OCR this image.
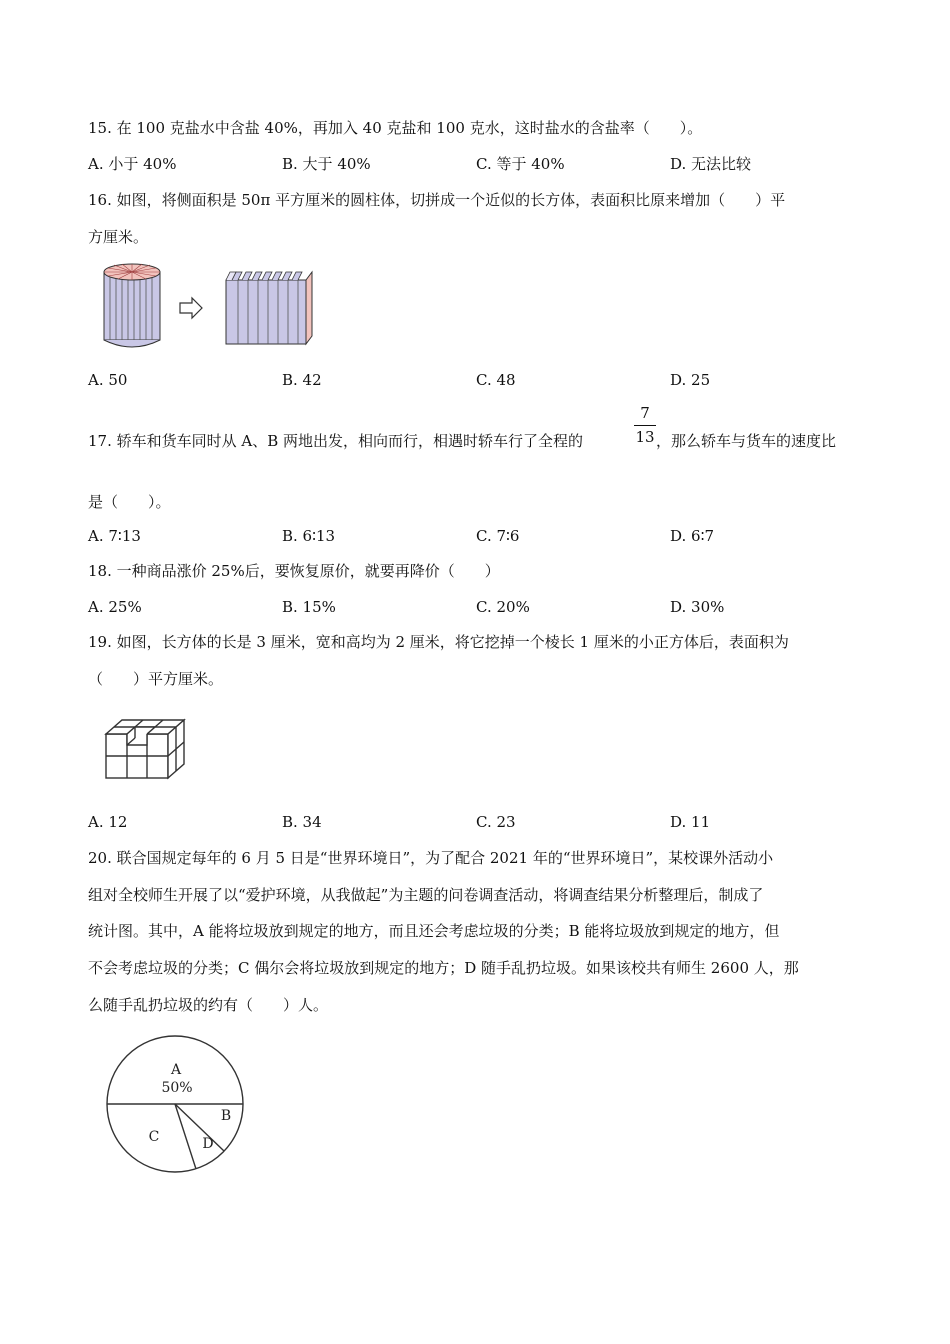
15. 在 100 克盐水中含盐 40%，再加入 40 克盐和 100 克水，这时盐水的含盐率（　　）。
A. 小于 40%	B. 大于 40%	C. 等于 40%	D. 无法比较
16. 如图，将侧面积是 50π 平方厘米的圆柱体，切拼成一个近似的长方体，表面积比原来增加（　　）平
方厘米。
A. 50	B. 42	C. 48	D. 25
17. 轿车和货车同时从 A、B 两地出发，相向而行，相遇时轿车行了全程的
7
13 ，那么轿车与货车的速度比
是（　　）。
A. 7∶13	B. 6∶13	C. 7∶6	D. 6∶7
18. 一种商品涨价 25%后，要恢复原价，就要再降价（　　）
A. 25%	B. 15%	C. 20%	D. 30%
19. 如图，长方体的长是 3 厘米，宽和高均为 2 厘米，将它挖掉一个棱长 1 厘米的小正方体后，表面积为
（　　）平方厘米。
A. 12	B. 34	C. 23	D. 11
20. 联合国规定每年的 6 月 5 日是“世界环境日”，为了配合 2021 年的“世界环境日”，某校课外活动小
组对全校师生开展了以“爱护环境，从我做起”为主题的问卷调查活动，将调查结果分析整理后，制成了
统计图。其中，A 能将垃圾放到规定的地方，而且还会考虑垃圾的分类；B 能将垃圾放到规定的地方，但
不会考虑垃圾的分类；C 偶尔会将垃圾放到规定的地方；D 随手乱扔垃圾。如果该校共有师生 2600 人，那
么随手乱扔垃圾的约有（　　）人。
A
50%
B
C	D
